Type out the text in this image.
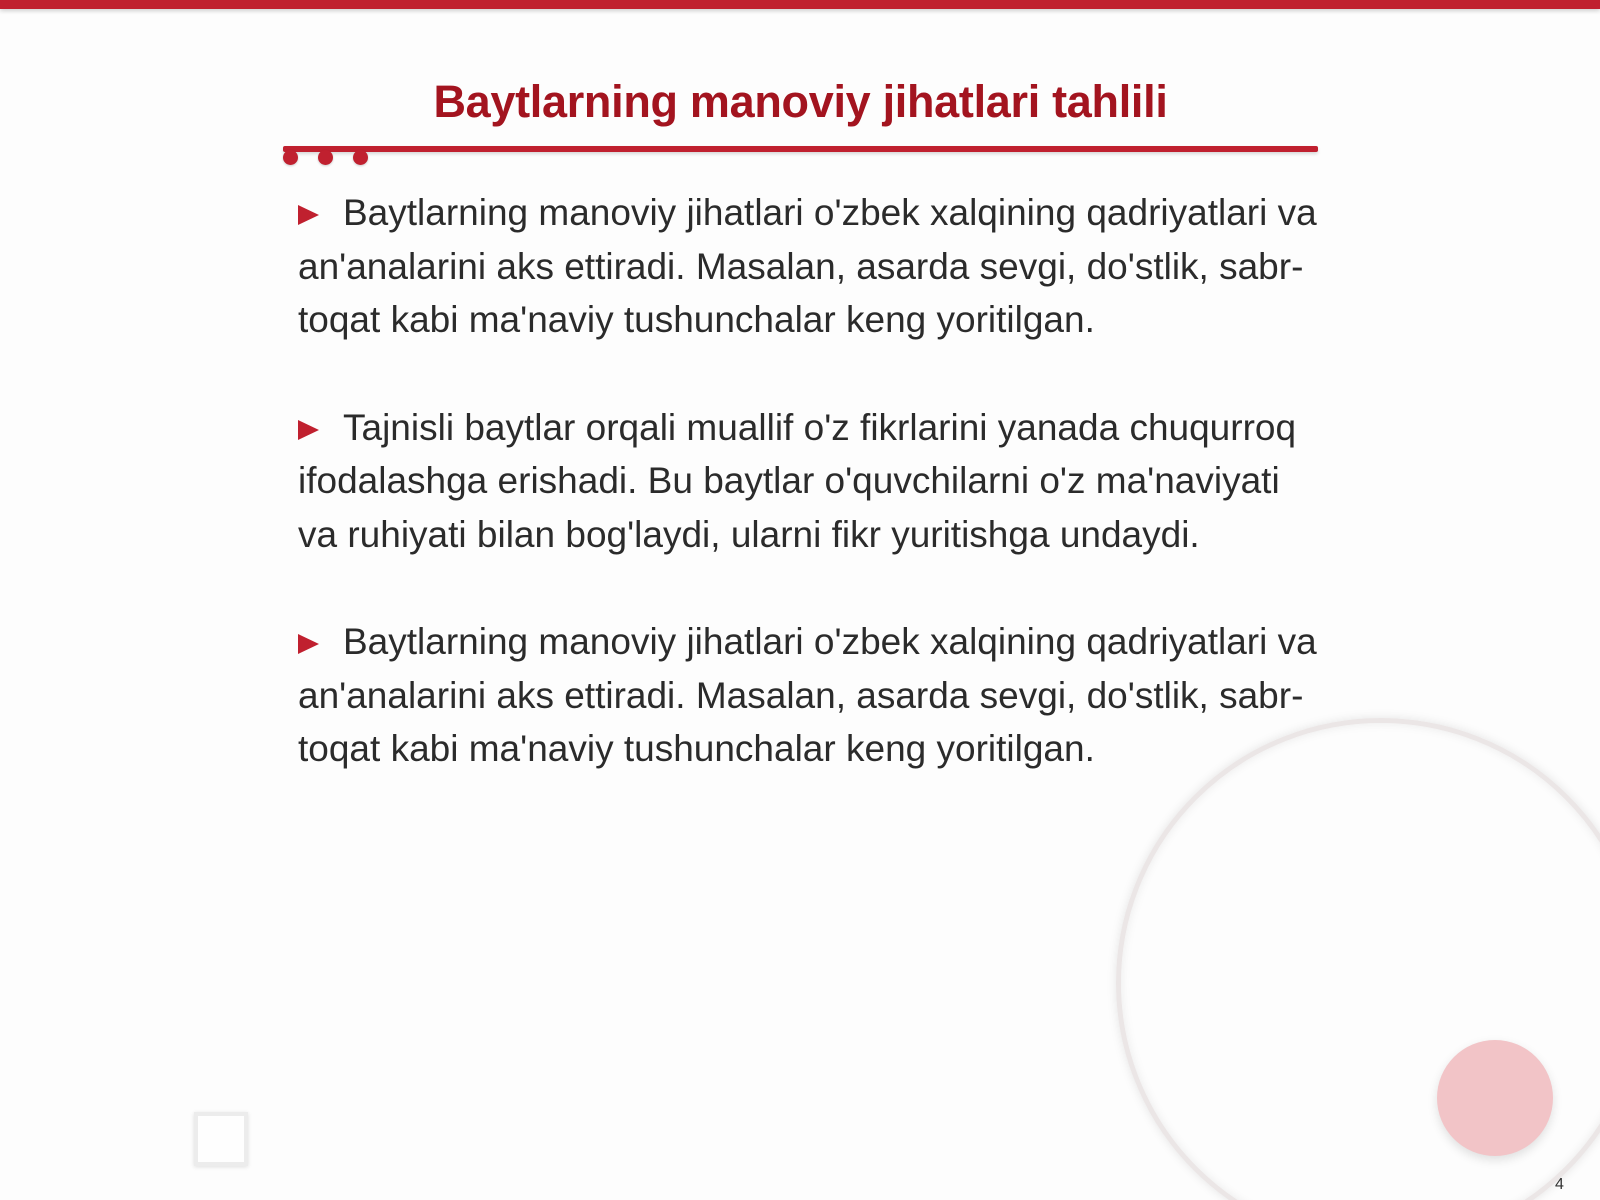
Baytlarning manoviy jihatlari tahlili

Baytlarning manoviy jihatlari o'zbek xalqining qadriyatlari va an'analarini aks ettiradi. Masalan, asarda sevgi, do'stlik, sabr-toqat kabi ma'naviy tushunchalar keng yoritilgan.

Tajnisli baytlar orqali muallif o'z fikrlarini yanada chuqurroq ifodalashga erishadi. Bu baytlar o'quvchilarni o'z ma'naviyati va ruhiyati bilan bog'laydi, ularni fikr yuritishga undaydi.

Baytlarning manoviy jihatlari o'zbek xalqining qadriyatlari va an'analarini aks ettiradi. Masalan, asarda sevgi, do'stlik, sabr-toqat kabi ma'naviy tushunchalar keng yoritilgan.

4
